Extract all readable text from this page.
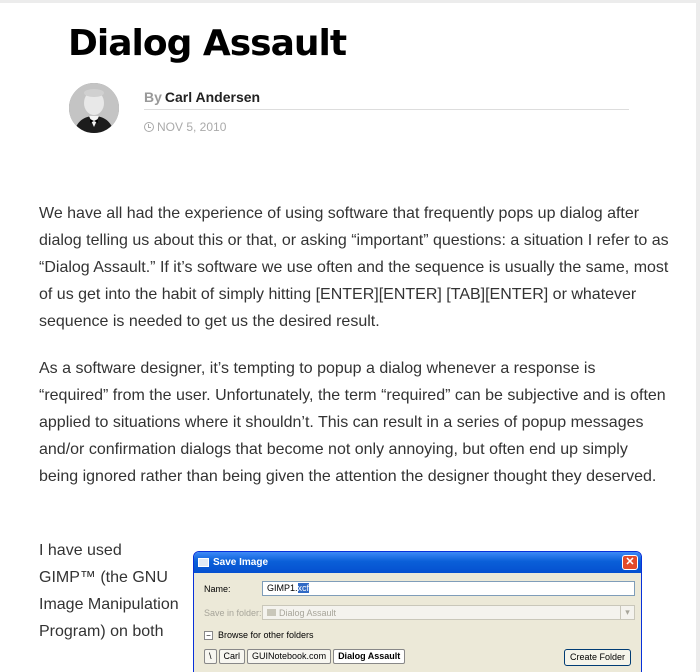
Dialog Assault
By Carl Andersen
NOV 5, 2010

We have all had the experience of using software that frequently pops up dialog after dialog telling us about this or that, or asking “important” questions: a situation I refer to as “Dialog Assault.” If it’s software we use often and the sequence is usually the same, most of us get into the habit of simply hitting [ENTER][ENTER] [TAB][ENTER] or whatever sequence is needed to get us the desired result.

As a software designer, it’s tempting to popup a dialog whenever a response is “required” from the user. Unfortunately, the term “required” can be subjective and is often applied to situations where it shouldn’t. This can result in a series of popup messages and/or confirmation dialogs that become not only annoying, but often end up simply being ignored rather than being given the attention the designer thought they deserved.

I have used GIMP™ (the GNU Image Manipulation Program) on both

Save Image	✕
Name:	GIMP1.xcf
Save in folder:	Dialog Assault	▾
− Browse for other folders
\	Carl	GUINotebook.com	Dialog Assault	Create Folder
